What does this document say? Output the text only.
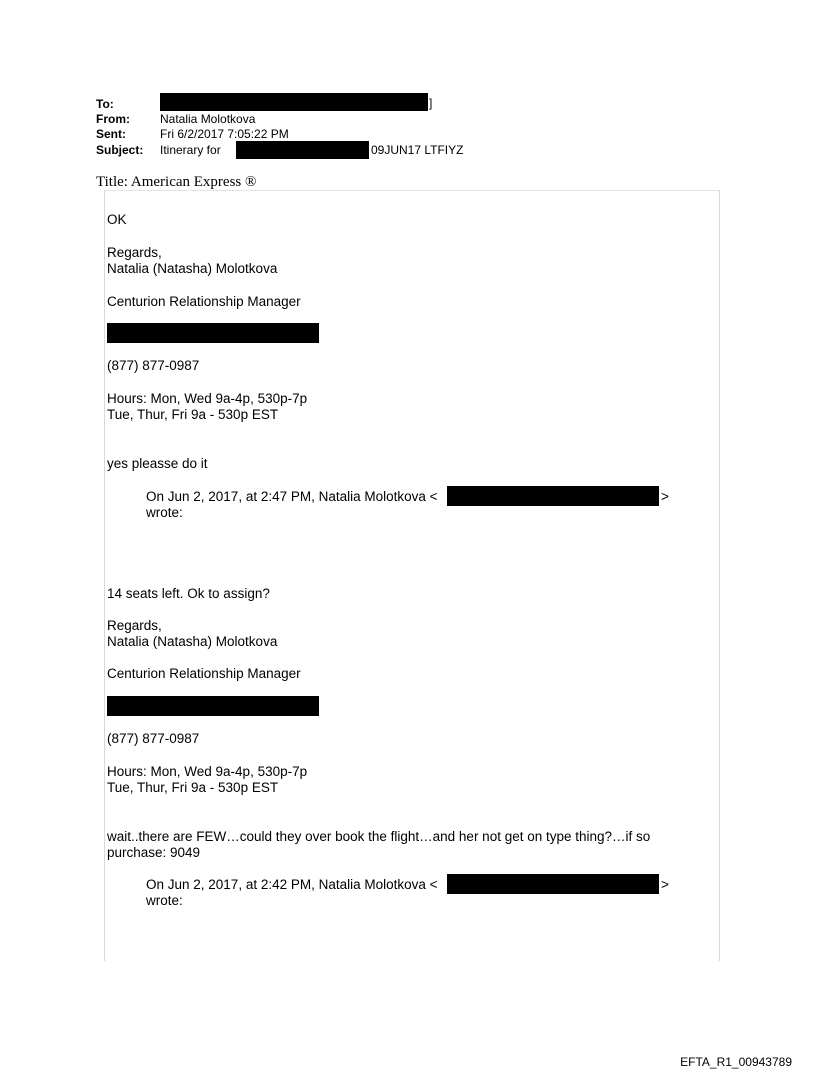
To:	]
From:	Natalia Molotkova
Sent:	Fri 6/2/2017 7:05:22 PM
Subject: Itinerary for	09JUN17 LTFIYZ
Title: American Express ®
OK
Regards,
Natalia (Natasha) Molotkova
Centurion Relationship Manager
(877) 877-0987
Hours: Mon, Wed 9a-4p, 530p-7p
Tue, Thur, Fri 9a - 530p EST
yes pleasse do it
On Jun 2, 2017, at 2:47 PM, Natalia Molotkova <	>
wrote:
14 seats left. Ok to assign?
Regards,
Natalia (Natasha) Molotkova
Centurion Relationship Manager
(877) 877-0987
Hours: Mon, Wed 9a-4p, 530p-7p
Tue, Thur, Fri 9a - 530p EST
wait..there are FEW…could they over book the flight…and her not get on type thing?…if so
purchase: 9049
On Jun 2, 2017, at 2:42 PM, Natalia Molotkova <	>
wrote:
EFTA_R1_00943789
